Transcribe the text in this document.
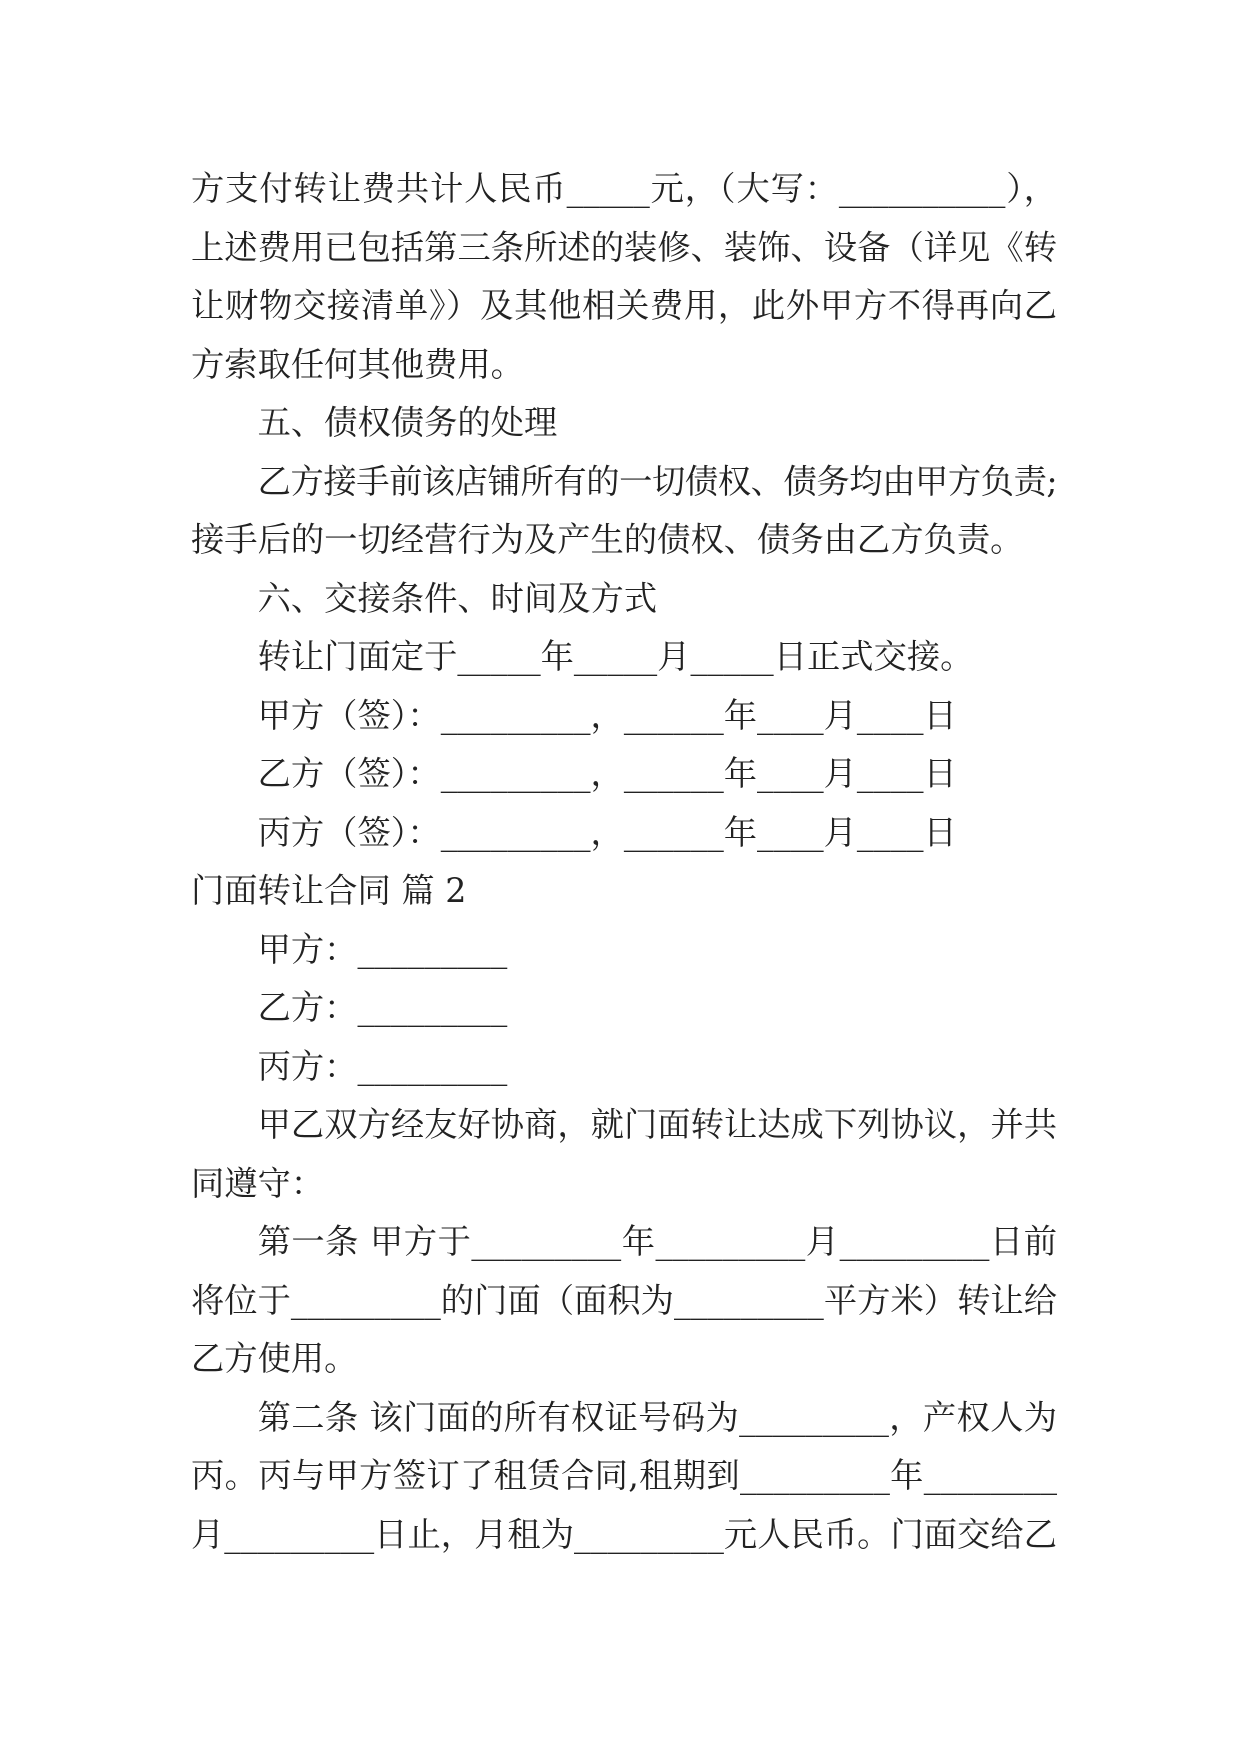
方支付转让费共计人民币_____元，（大写：__________），
上述费用已包括第三条所述的装修、装饰、设备（详见《转
让财物交接清单》）及其他相关费用，此外甲方不得再向乙
方索取任何其他费用。
五、债权债务的处理
乙方接手前该店铺所有的一切债权、债务均由甲方负责;
接手后的一切经营行为及产生的债权、债务由乙方负责。
六、交接条件、时间及方式
转让门面定于_____年_____月_____日正式交接。
甲方（签）：_________，______年____月____日
乙方（签）：_________，______年____月____日
丙方（签）：_________，______年____月____日
门面转让合同 篇 2
甲方：_________
乙方：_________
丙方：_________
甲乙双方经友好协商，就门面转让达成下列协议，并共
同遵守：
第一条 甲方于_________年_________月_________日前
将位于_________的门面（面积为_________平方米）转让给
乙方使用。
第二条 该门面的所有权证号码为_________，产权人为
丙。丙与甲方签订了租赁合同,租期到_________年________
月_________日止，月租为_________元人民币。门面交给乙
